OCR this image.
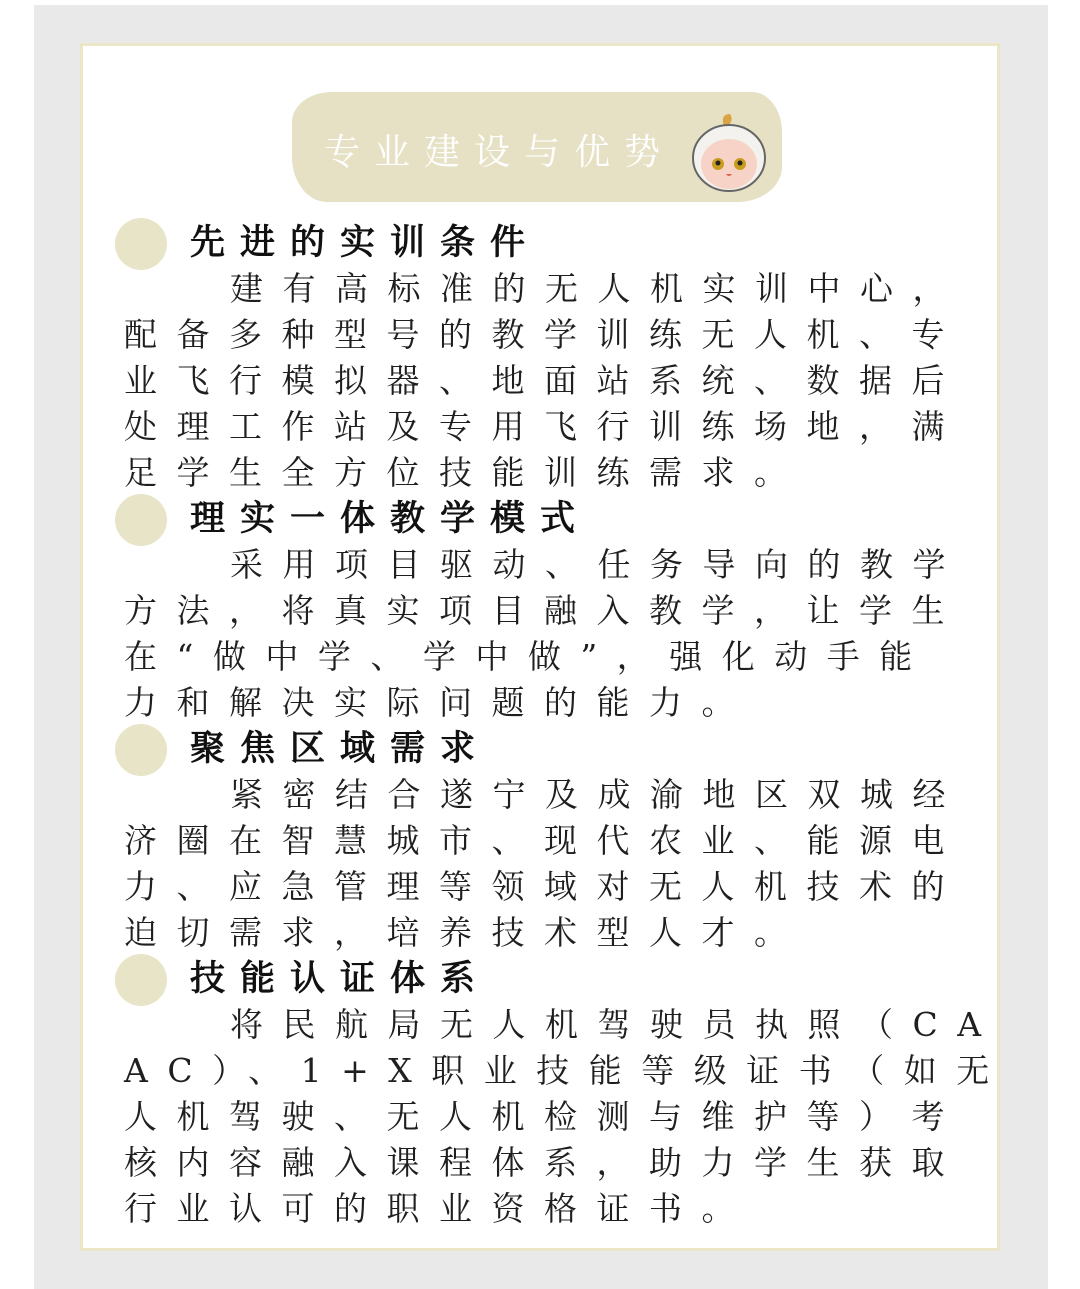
专业建设与优势
先进的实训条件
建有高标准的无人机实训中心，
配备多种型号的教学训练无人机、专
业飞行模拟器、地面站系统、数据后
处理工作站及专用飞行训练场地，满
足学生全方位技能训练需求。
理实一体教学模式
采用项目驱动、任务导向的教学
方法，将真实项目融入教学，让学生
在“做中学、学中做”，强化动手能
力和解决实际问题的能力。
聚焦区域需求
紧密结合遂宁及成渝地区双城经
济圈在智慧城市、现代农业、能源电
力、应急管理等领域对无人机技术的
迫切需求，培养技术型人才。
技能认证体系
将民航局无人机驾驶员执照（CA
AC）、1+X职业技能等级证书（如无
人机驾驶、无人机检测与维护等）考
核内容融入课程体系，助力学生获取
行业认可的职业资格证书。
